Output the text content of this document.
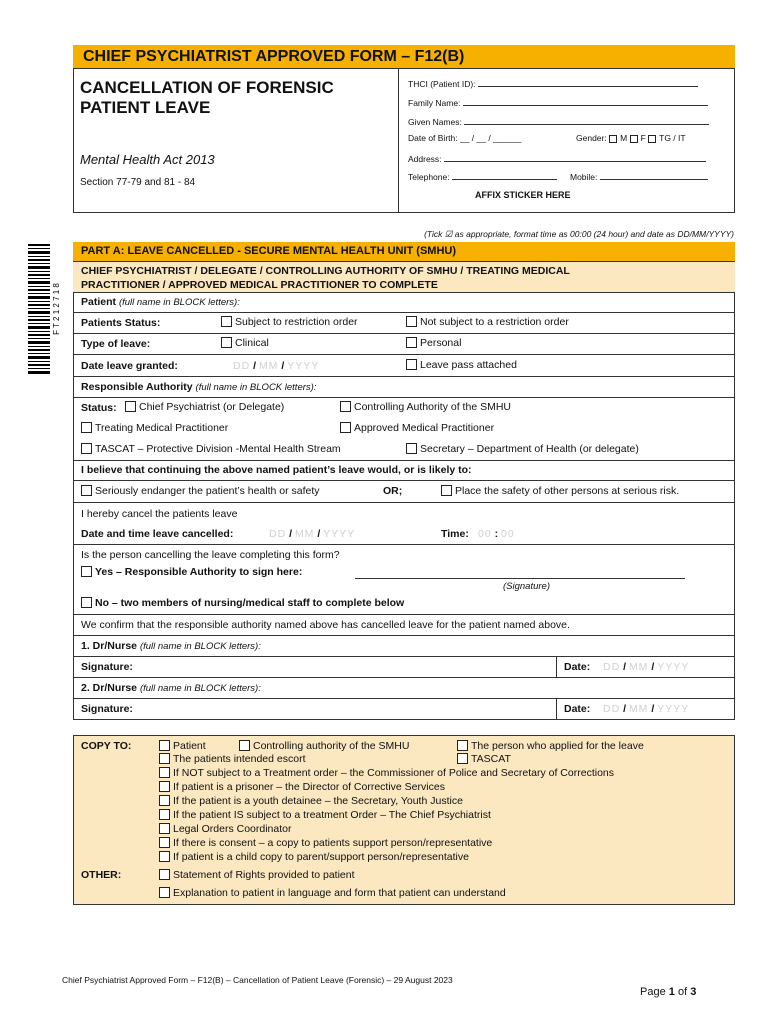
CHIEF PSYCHIATRIST APPROVED FORM – F12(B)
CANCELLATION OF FORENSIC
PATIENT LEAVE
Mental Health Act 2013
Section 77-79 and 81 - 84
THCI (Patient ID):
Family Name:
Given Names:
Date of Birth: __ / __ / ______	Gender: M F TG / IT
Address:
Telephone:	Mobile:
AFFIX STICKER HERE
(Tick ☑ as appropriate, format time as 00:00 (24 hour) and date as DD/MM/YYYY)
F T 2 1 2 7 1 8
PART A: LEAVE CANCELLED - SECURE MENTAL HEALTH UNIT (SMHU)
CHIEF PSYCHIATRIST / DELEGATE / CONTROLLING AUTHORITY OF SMHU / TREATING MEDICAL
PRACTITIONER / APPROVED MEDICAL PRACTITIONER TO COMPLETE
Patient (full name in BLOCK letters):
Patients Status:	Subject to restriction order	Not subject to a restriction order
Type of leave:	Clinical	Personal
Date leave granted:	DD / MM / YYYY	Leave pass attached
Responsible Authority (full name in BLOCK letters):
Status:	Chief Psychiatrist (or Delegate)	Controlling Authority of the SMHU
Treating Medical Practitioner	Approved Medical Practitioner
TASCAT – Protective Division -Mental Health Stream	Secretary – Department of Health (or delegate)
I believe that continuing the above named patient’s leave would, or is likely to:
Seriously endanger the patient’s health or safety	OR;	Place the safety of other persons at serious risk.
I hereby cancel the patients leave
Date and time leave cancelled:	DD / MM / YYYY	Time: 00 : 00
Is the person cancelling the leave completing this form?
Yes – Responsible Authority to sign here:
(Signature)
No – two members of nursing/medical staff to complete below
We confirm that the responsible authority named above has cancelled leave for the patient named above.
1. Dr/Nurse (full name in BLOCK letters):
Signature:	Date: DD / MM / YYYY
2. Dr/Nurse (full name in BLOCK letters):
Signature:	Date: DD / MM / YYYY
COPY TO:
OTHER:
Patient	Controlling authority of the SMHU	The person who applied for the leave
The patients intended escort	TASCAT
If NOT subject to a Treatment order – the Commissioner of Police and Secretary of Corrections
If patient is a prisoner – the Director of Corrective Services
If the patient is a youth detainee – the Secretary, Youth Justice
If the patient IS subject to a treatment Order – The Chief Psychiatrist
Legal Orders Coordinator
If there is consent – a copy to patients support person/representative
If patient is a child copy to parent/support person/representative
Statement of Rights provided to patient
Explanation to patient in language and form that patient can understand
Chief Psychiatrist Approved Form – F12(B) – Cancellation of Patient Leave (Forensic) – 29 August 2023
Page 1 of 3
